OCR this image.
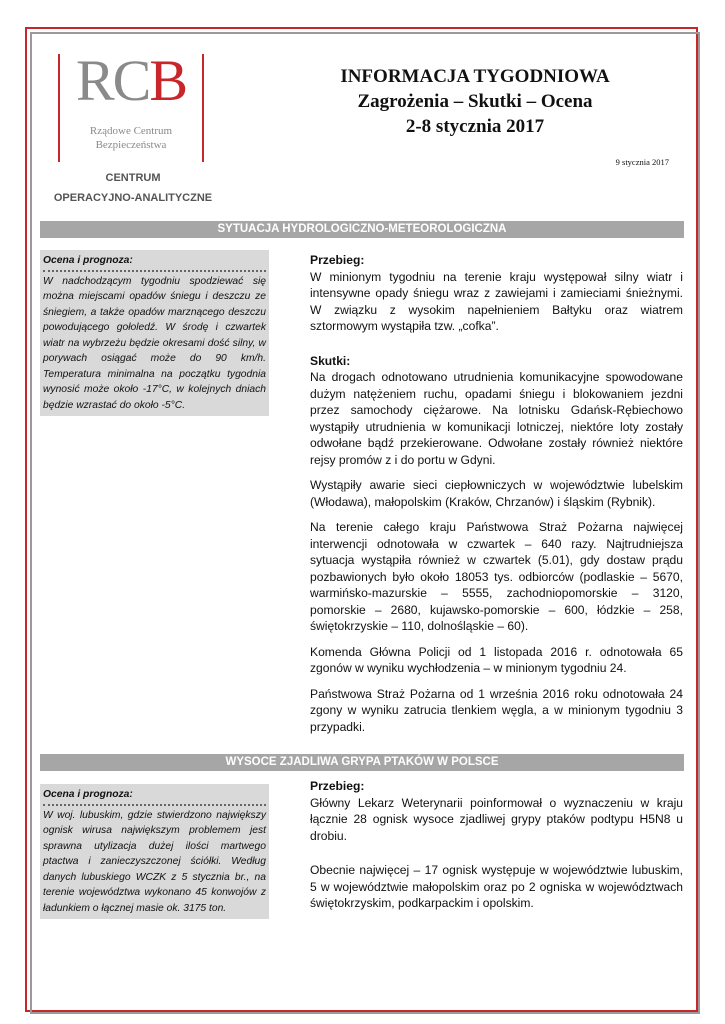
RCB
Rządowe Centrum
Bezpieczeństwa
CENTRUM
OPERACYJNO-ANALITYCZNE
INFORMACJA TYGODNIOWA
Zagrożenia – Skutki – Ocena
2-8 stycznia 2017
9 stycznia 2017
SYTUACJA HYDROLOGICZNO-METEOROLOGICZNA
Ocena i prognoza:
W nadchodzącym tygodniu spodziewać się można miejscami opadów śniegu i deszczu ze śniegiem, a także opadów marznącego deszczu powodującego gołoledź. W środę i czwartek wiatr na wybrzeżu będzie okresami dość silny, w porywach osiągać może do 90 km/h. Temperatura minimalna na początku tygodnia wynosić może około -17°C, w kolejnych dniach będzie wzrastać do około -5°C.

Przebieg:

W minionym tygodniu na terenie kraju występował silny wiatr i intensywne opady śniegu wraz z zawiejami i zamieciami śnieżnymi. W związku z wysokim napełnieniem Bałtyku oraz wiatrem sztormowym wystąpiła tzw. „cofka”.

Skutki:

Na drogach odnotowano utrudnienia komunikacyjne spowodowane dużym natężeniem ruchu, opadami śniegu i blokowaniem jezdni przez samochody ciężarowe. Na lotnisku Gdańsk-Rębiechowo wystąpiły utrudnienia w komunikacji lotniczej, niektóre loty zostały odwołane bądź przekierowane. Odwołane zostały również niektóre rejsy promów z i do portu w Gdyni.

Wystąpiły awarie sieci ciepłowniczych w województwie lubelskim (Włodawa), małopolskim (Kraków, Chrzanów) i śląskim (Rybnik).

Na terenie całego kraju Państwowa Straż Pożarna najwięcej interwencji odnotowała w czwartek – 640 razy. Najtrudniejsza sytuacja wystąpiła również w czwartek (5.01), gdy dostaw prądu pozbawionych było około 18053 tys. odbiorców (podlaskie – 5670, warmińsko-mazurskie – 5555, zachodniopomorskie – 3120, pomorskie – 2680, kujawsko-pomorskie – 600, łódzkie – 258, świętokrzyskie – 110, dolnośląskie – 60).

Komenda Główna Policji od 1 listopada 2016 r. odnotowała 65 zgonów w wyniku wychłodzenia – w minionym tygodniu 24.

Państwowa Straż Pożarna od 1 września 2016 roku odnotowała 24 zgony w wyniku zatrucia tlenkiem węgla, a w minionym tygodniu 3 przypadki.

WYSOCE ZJADLIWA GRYPA PTAKÓW W POLSCE
Ocena i prognoza:
W woj. lubuskim, gdzie stwierdzono największy ognisk wirusa największym problemem jest sprawna utylizacja dużej ilości martwego ptactwa i zanieczyszczonej ściółki. Według danych lubuskiego WCZK z 5 stycznia br., na terenie województwa wykonano 45 konwojów z ładunkiem o łącznej masie ok. 3175 ton.

Przebieg:

Główny Lekarz Weterynarii poinformował o wyznaczeniu w kraju łącznie 28 ognisk wysoce zjadliwej grypy ptaków podtypu H5N8 u drobiu.

Obecnie najwięcej – 17 ognisk występuje w województwie lubuskim, 5 w województwie małopolskim oraz po 2 ogniska w województwach świętokrzyskim, podkarpackim i opolskim.
